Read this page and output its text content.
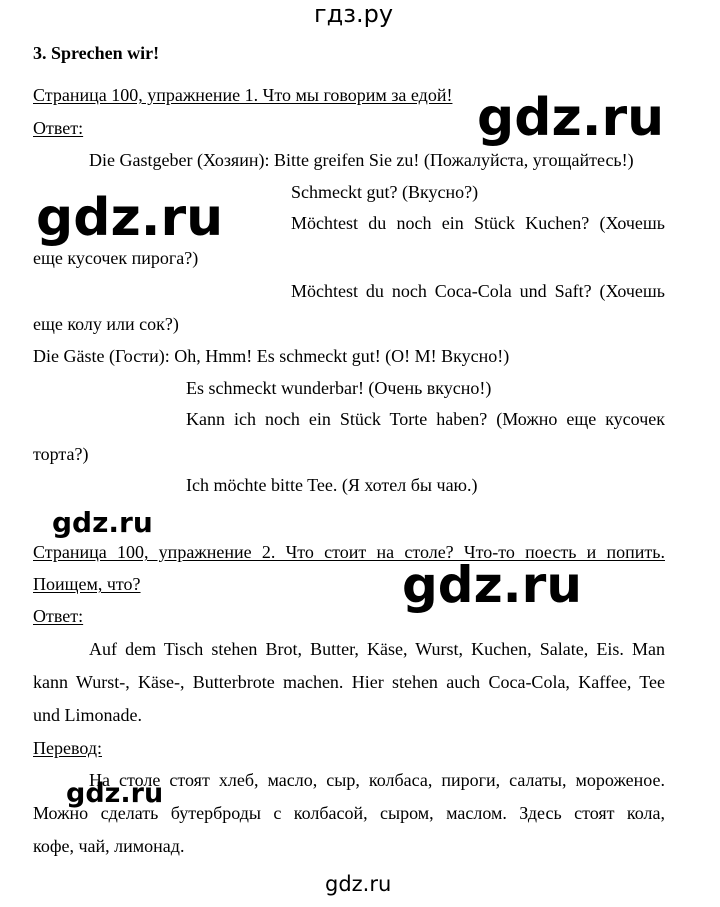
гдз.ру
3. Sprechen wir!
Страница 100, упражнение 1. Что мы говорим за едой!
Ответ:
Die Gastgeber (Хозяин): Bitte greifen Sie zu! (Пожалуйста, угощайтесь!)
Schmeckt gut? (Вкусно?)
Möchtest du noch ein Stück Kuchen? (Хочешь
еще кусочек пирога?)
Möchtest du noch Coca-Cola und Saft? (Хочешь
еще колу или сок?)
Die Gäste (Гости): Oh, Hmm! Es schmeckt gut! (О! М! Вкусно!)
Es schmeckt wunderbar! (Очень вкусно!)
Kann ich noch ein Stück Torte haben? (Можно еще кусочек
торта?)
Ich möchte bitte Tee. (Я хотел бы чаю.)
Страница 100, упражнение 2. Что стоит на столе? Что-то поесть и попить.
Поищем, что?
Ответ:
Auf dem Tisch stehen Brot, Butter, Käse, Wurst, Kuchen, Salate, Eis. Man
kann Wurst-, Käse-, Butterbrote machen. Hier stehen auch Coca-Cola, Kaffee, Tee
und Limonade.
Перевод:
На столе стоят хлеб, масло, сыр, колбаса, пироги, салаты, мороженое.
Можно сделать бутерброды с колбасой, сыром, маслом. Здесь стоят кола,
кофе, чай, лимонад.
gdz.ru
gdz.ru
gdz.ru
gdz.ru
gdz.ru
gdz.ru
